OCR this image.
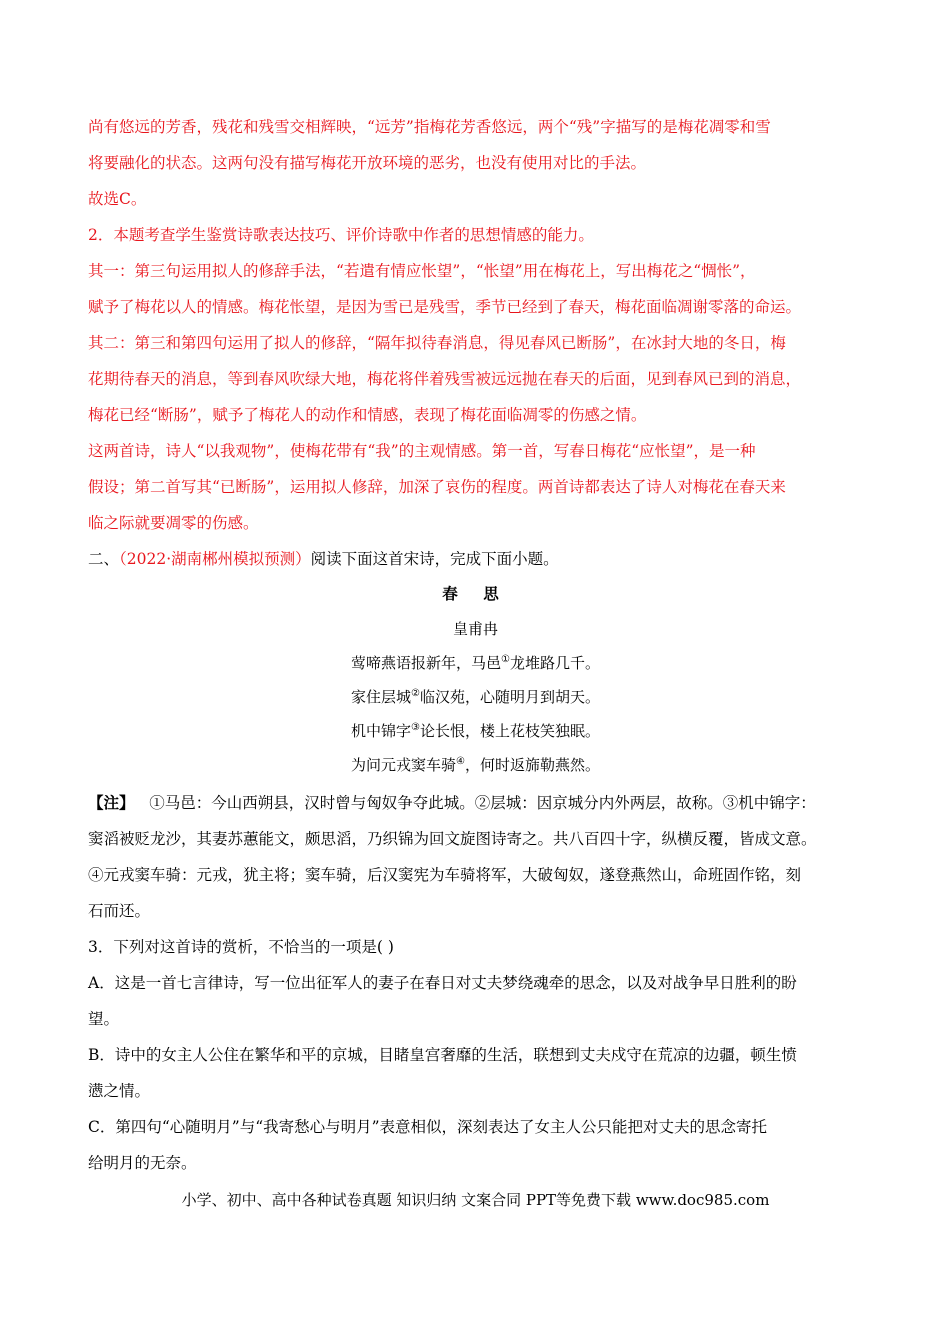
尚有悠远的芳香，残花和残雪交相辉映，“远芳”指梅花芳香悠远，两个“残”字描写的是梅花凋零和雪

将要融化的状态。这两句没有描写梅花开放环境的恶劣，也没有使用对比的手法。

故选C。

2．本题考查学生鉴赏诗歌表达技巧、评价诗歌中作者的思想情感的能力。

其一：第三句运用拟人的修辞手法，“若遣有情应怅望”，“怅望”用在梅花上，写出梅花之“惆怅”，

赋予了梅花以人的情感。梅花怅望，是因为雪已是残雪，季节已经到了春天，梅花面临凋谢零落的命运。

其二：第三和第四句运用了拟人的修辞，“隔年拟待春消息，得见春风已断肠”，在冰封大地的冬日，梅

花期待春天的消息，等到春风吹绿大地，梅花将伴着残雪被远远抛在春天的后面，见到春风已到的消息，

梅花已经“断肠”，赋予了梅花人的动作和情感，表现了梅花面临凋零的伤感之情。

这两首诗，诗人“以我观物”，使梅花带有“我”的主观情感。第一首，写春日梅花“应怅望”，是一种

假设；第二首写其“已断肠”，运用拟人修辞，加深了哀伤的程度。两首诗都表达了诗人对梅花在春天来

临之际就要凋零的伤感。

二、（2022·湖南郴州模拟预测）阅读下面这首宋诗，完成下面小题。

春 思

皇甫冉

莺啼燕语报新年，马邑①龙堆路几千。

家住层城②临汉苑，心随明月到胡天。

机中锦字③论长恨，楼上花枝笑独眠。

为问元戎窦车骑④，何时返旆勒燕然。

【注】 ①马邑：今山西朔县，汉时曾与匈奴争夺此城。②层城：因京城分内外两层，故称。③机中锦字：

窦滔被贬龙沙，其妻苏蕙能文，颇思滔，乃织锦为回文旋图诗寄之。共八百四十字，纵横反覆，皆成文意。

④元戎窦车骑：元戎，犹主将；窦车骑，后汉窦宪为车骑将军，大破匈奴，遂登燕然山，命班固作铭，刻

石而还。

3．下列对这首诗的赏析，不恰当的一项是( )

A．这是一首七言律诗，写一位出征军人的妻子在春日对丈夫梦绕魂牵的思念，以及对战争早日胜利的盼

望。

B．诗中的女主人公住在繁华和平的京城，目睹皇宫奢靡的生活，联想到丈夫戍守在荒凉的边疆，顿生愤

懑之情。

C．第四句“心随明月”与“我寄愁心与明月”表意相似，深刻表达了女主人公只能把对丈夫的思念寄托

给明月的无奈。

小学、初中、高中各种试卷真题 知识归纳 文案合同 PPT等免费下载 www.doc985.com
